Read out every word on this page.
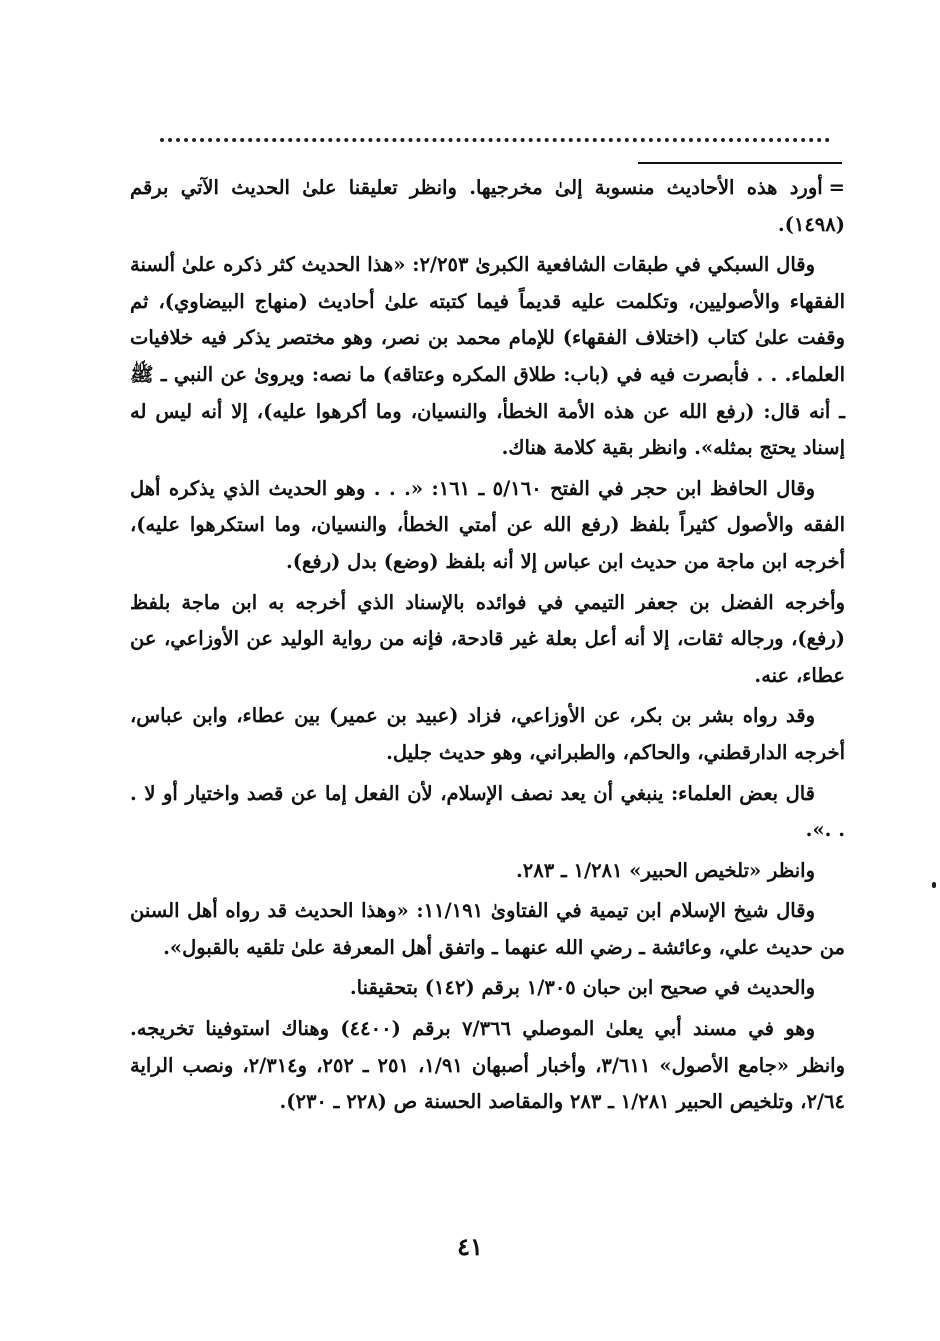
=أورد هذه الأحاديث منسوبة إلىٰ مخرجيها. وانظر تعليقنا علىٰ الحديث الآتي برقم (١٤٩٨).

وقال السبكي في طبقات الشافعية الكبرىٰ ٢/٢٥٣: «هذا الحديث كثر ذكره علىٰ ألسنة الفقهاء والأصوليين، وتكلمت عليه قديماً فيما كتبته علىٰ أحاديث (منهاج البيضاوي)، ثم وقفت علىٰ كتاب (اختلاف الفقهاء) للإمام محمد بن نصر، وهو مختصر يذكر فيه خلافيات العلماء. . . فأبصرت فيه في (باب: طلاق المكره وعتاقه) ما نصه: ويروىٰ عن النبي ـ ﷺ ـ أنه قال: (رفع الله عن هذه الأمة الخطأ، والنسيان، وما أكرهوا عليه)، إلا أنه ليس له إسناد يحتج بمثله». وانظر بقية كلامة هناك.

وقال الحافظ ابن حجر في الفتح ٥/١٦٠ ـ ١٦١: «. . . وهو الحديث الذي يذكره أهل الفقه والأصول كثيراً بلفظ (رفع الله عن أمتي الخطأ، والنسيان، وما استكرهوا عليه)، أخرجه ابن ماجة من حديث ابن عباس إلا أنه بلفظ (وضع) بدل (رفع).

وأخرجه الفضل بن جعفر التيمي في فوائده بالإسناد الذي أخرجه به ابن ماجة بلفظ (رفع)، ورجاله ثقات، إلا أنه أعل بعلة غير قادحة، فإنه من رواية الوليد عن الأوزاعي، عن عطاء، عنه.

وقد رواه بشر بن بكر، عن الأوزاعي، فزاد (عبيد بن عمير) بين عطاء، وابن عباس، أخرجه الدارقطني، والحاكم، والطبراني، وهو حديث جليل.

قال بعض العلماء: ينبغي أن يعد نصف الإسلام، لأن الفعل إما عن قصد واختيار أو لا . . .».

وانظر «تلخيص الحبير» ١/٢٨١ ـ ٢٨٣.

وقال شيخ الإسلام ابن تيمية في الفتاوىٰ ١١/١٩١: «وهذا الحديث قد رواه أهل السنن من حديث علي، وعائشة ـ رضي الله عنهما ـ واتفق أهل المعرفة علىٰ تلقيه بالقبول».

والحديث في صحيح ابن حبان ١/٣٠٥ برقم (١٤٢) بتحقيقنا.

وهو في مسند أبي يعلىٰ الموصلي ٧/٣٦٦ برقم (٤٤٠٠) وهناك استوفينا تخريجه. وانظر «جامع الأصول» ٣/٦١١، وأخبار أصبهان ١/٩١، ٢٥١ ـ ٢٥٢، و٢/٣١٤، ونصب الراية ٢/٦٤، وتلخيص الحبير ١/٢٨١ ـ ٢٨٣ والمقاصد الحسنة ص (٢٢٨ ـ ٢٣٠).

٤١
